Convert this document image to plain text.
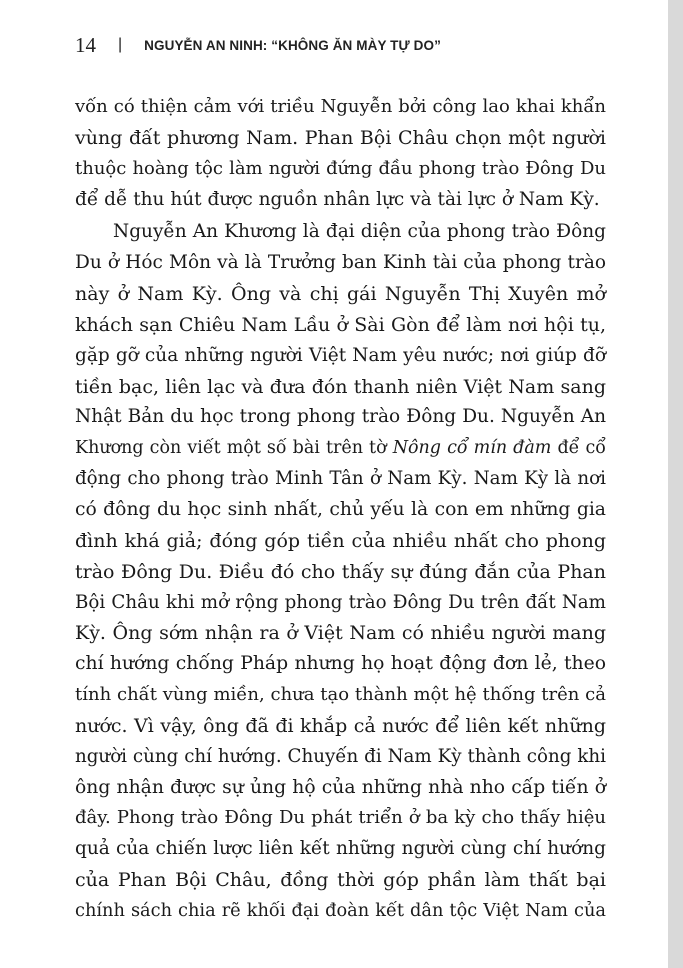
14 | NGUYỄN AN NINH: “KHÔNG ĂN MÀY TỰ DO”
vốn có thiện cảm với triều Nguyễn bởi công lao khai khẩn
vùng đất phương Nam. Phan Bội Châu chọn một người
thuộc hoàng tộc làm người đứng đầu phong trào Đông Du
để dễ thu hút được nguồn nhân lực và tài lực ở Nam Kỳ.
Nguyễn An Khương là đại diện của phong trào Đông
Du ở Hóc Môn và là Trưởng ban Kinh tài của phong trào
này ở Nam Kỳ. Ông và chị gái Nguyễn Thị Xuyên mở
khách sạn Chiêu Nam Lầu ở Sài Gòn để làm nơi hội tụ,
gặp gỡ của những người Việt Nam yêu nước; nơi giúp đỡ
tiền bạc, liên lạc và đưa đón thanh niên Việt Nam sang
Nhật Bản du học trong phong trào Đông Du. Nguyễn An
Khương còn viết một số bài trên tờ Nông cổ mín đàm để cổ
động cho phong trào Minh Tân ở Nam Kỳ. Nam Kỳ là nơi
có đông du học sinh nhất, chủ yếu là con em những gia
đình khá giả; đóng góp tiền của nhiều nhất cho phong
trào Đông Du. Điều đó cho thấy sự đúng đắn của Phan
Bội Châu khi mở rộng phong trào Đông Du trên đất Nam
Kỳ. Ông sớm nhận ra ở Việt Nam có nhiều người mang
chí hướng chống Pháp nhưng họ hoạt động đơn lẻ, theo
tính chất vùng miền, chưa tạo thành một hệ thống trên cả
nước. Vì vậy, ông đã đi khắp cả nước để liên kết những
người cùng chí hướng. Chuyến đi Nam Kỳ thành công khi
ông nhận được sự ủng hộ của những nhà nho cấp tiến ở
đây. Phong trào Đông Du phát triển ở ba kỳ cho thấy hiệu
quả của chiến lược liên kết những người cùng chí hướng
của Phan Bội Châu, đồng thời góp phần làm thất bại
chính sách chia rẽ khối đại đoàn kết dân tộc Việt Nam của
